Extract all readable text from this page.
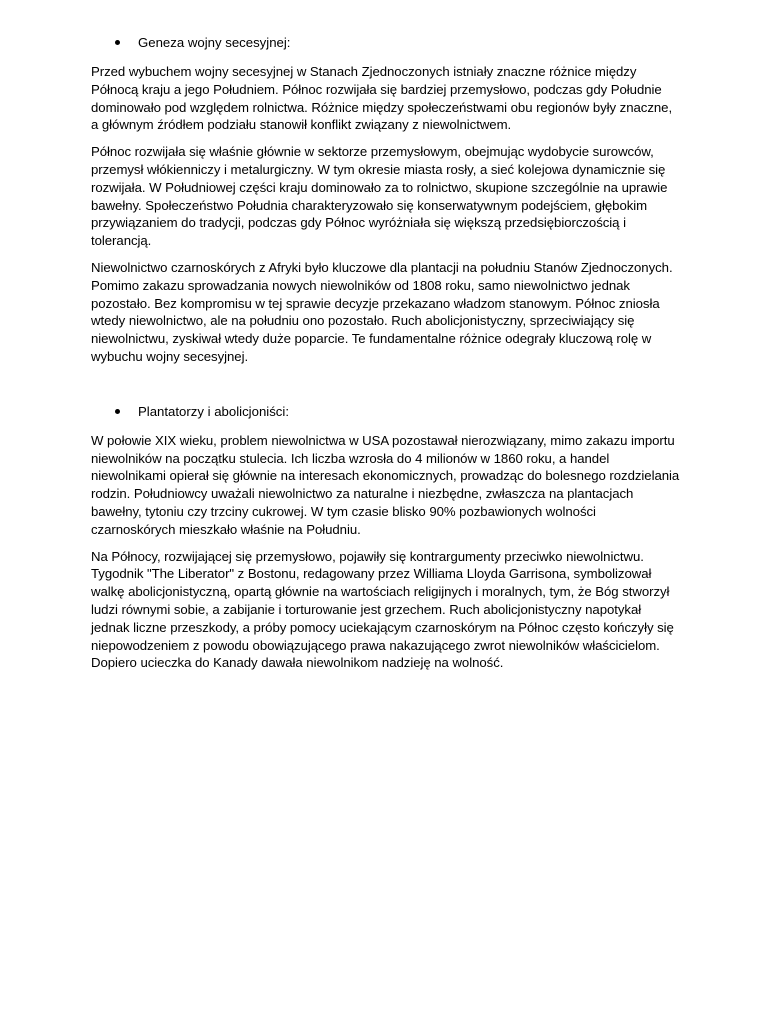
Geneza wojny secesyjnej:

Przed wybuchem wojny secesyjnej w Stanach Zjednoczonych istniały znaczne różnice między Północą kraju a jego Południem. Północ rozwijała się bardziej przemysłowo, podczas gdy Południe dominowało pod względem rolnictwa. Różnice między społeczeństwami obu regionów były znaczne, a głównym źródłem podziału stanowił konflikt związany z niewolnictwem.

Północ rozwijała się właśnie głównie w sektorze przemysłowym, obejmując wydobycie surowców, przemysł włókienniczy i metalurgiczny. W tym okresie miasta rosły, a sieć kolejowa dynamicznie się rozwijała. W Południowej części kraju dominowało za to rolnictwo, skupione szczególnie na uprawie bawełny. Społeczeństwo Południa charakteryzowało się konserwatywnym podejściem, głębokim przywiązaniem do tradycji, podczas gdy Północ wyróżniała się większą przedsiębiorczością i tolerancją.

Niewolnictwo czarnoskórych z Afryki było kluczowe dla plantacji na południu Stanów Zjednoczonych. Pomimo zakazu sprowadzania nowych niewolników od 1808 roku, samo niewolnictwo jednak pozostało. Bez kompromisu w tej sprawie decyzje przekazano władzom stanowym. Północ zniosła wtedy niewolnictwo, ale na południu ono pozostało. Ruch abolicjonistyczny, sprzeciwiający się niewolnictwu, zyskiwał wtedy duże poparcie. Te fundamentalne różnice odegrały kluczową rolę w wybuchu wojny secesyjnej.

Plantatorzy i abolicjoniści:

W połowie XIX wieku, problem niewolnictwa w USA pozostawał nierozwiązany, mimo zakazu importu niewolników na początku stulecia. Ich liczba wzrosła do 4 milionów w 1860 roku, a handel niewolnikami opierał się głównie na interesach ekonomicznych, prowadząc do bolesnego rozdzielania rodzin. Południowcy uważali niewolnictwo za naturalne i niezbędne, zwłaszcza na plantacjach bawełny, tytoniu czy trzciny cukrowej. W tym czasie blisko 90% pozbawionych wolności czarnoskórych mieszkało właśnie na Południu.

Na Północy, rozwijającej się przemysłowo, pojawiły się kontrargumenty przeciwko niewolnictwu. Tygodnik "The Liberator" z Bostonu, redagowany przez Williama Lloyda Garrisona, symbolizował walkę abolicjonistyczną, opartą głównie na wartościach religijnych i moralnych, tym, że Bóg stworzył ludzi równymi sobie, a zabijanie i torturowanie jest grzechem. Ruch abolicjonistyczny napotykał jednak liczne przeszkody, a próby pomocy uciekającym czarnoskórym na Północ często kończyły się niepowodzeniem z powodu obowiązującego prawa nakazującego zwrot niewolników właścicielom. Dopiero ucieczka do Kanady dawała niewolnikom nadzieję na wolność.
